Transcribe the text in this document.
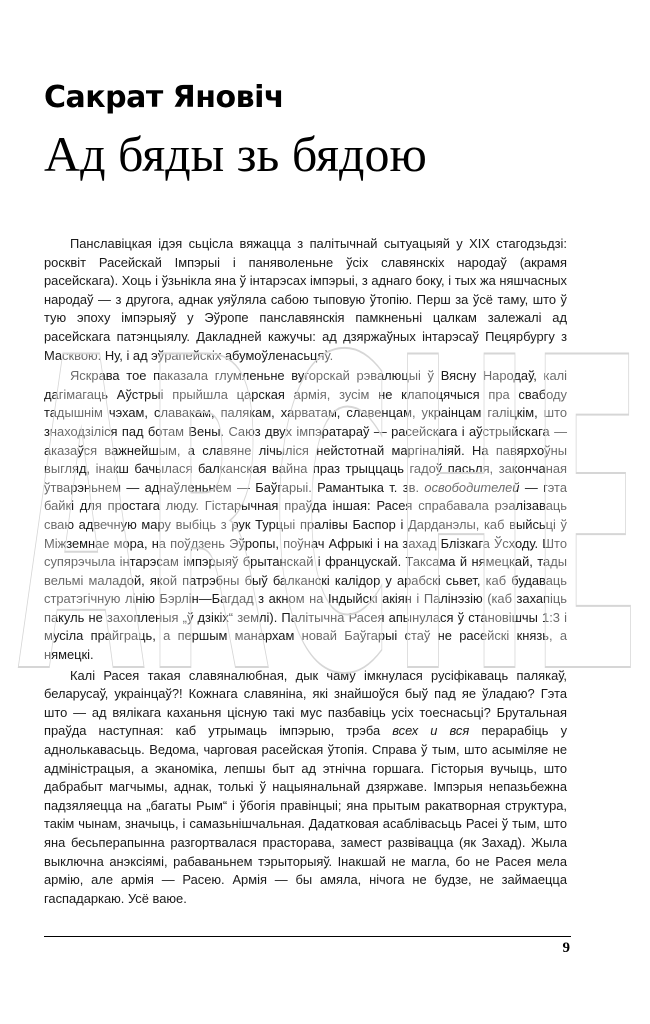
Сакрат Яновіч
Ад бяды зь бядою

Панславіцкая ідэя сьцісла вяжацца з палітычнай сытуацыяй у XIX стагодзьдзі: росквіт Расейскай Імпэрыі і паняволеньне ўсіх славянскіх народаў (акрамя расейскага). Хоць і ўзьнікла яна ў інтарэсах імпэрыі, з аднаго боку, і тых жа няшчасных народаў — з другога, аднак уяўляла сабою тыповую ўтопію. Перш за ўсё таму, што ў тую эпоху імпэрыяў у Эўропе панславянскія памкненьні цалкам залежалі ад расейскага патэнцыялу. Дакладней кажучы: ад дзяржаўных інтарэсаў Пецярбургу з Масквою. Ну, і ад эўрапейскіх абумоўленасьцяў.

Яскрава тое паказала глумленьне вугорскай рэвалюцыі ў Вясну Народаў, калі дагімагаць Аўстрыі прыйшла царская армія, зусім не клапоцячыся пра свабоду тадышнім чэхам, славакам, палякам, харватам, славенцам, украінцам галіцкім, што знаходзіліся пад ботам Вены. Саюз двух імпэратараў — расейскага і аўстрыйскага — аказаўся важнейшым, а славяне лічыліся нейстотнай маргіналіяй. На павярхоўны выгляд, інакш бачылася балканская вайна праз трыццаць гадоў пасьля, закончаная ўтварэньнем — аднаўленьнем — Баўгарыі. Рамантыка т. зв. освободителей — гэта байкі для простага люду. Гістарычная праўда іншая: Расея спрабавала рэалізаваць сваю адвечную мару выбіць з рук Турцыі пралівы Баспор і Дарданэлы, каб выйсьці ў Міжземнае мора, на поўдзень Эўропы, поўнач Афрыкі і на захад Блізкага Ўсходу. Што супярэчыла інтарэсам імпэрыяў брытанскай і францускай. Таксама й нямецкай, тады вельмі маладой, якой патрэбны быў балканскі калідор у арабскі сьвет, каб будаваць стратэгічную лінію Бэрлін—Багдад з акном на Індыйскі акіян і Палінэзію (каб захапіць пакуль не захопленыя „ў дзікіх“ землі). Палітычна Расея апынулася ў становішчы 1:3 і мусіла прайграць, а першым манархам новай Баўгарыі стаў не расейскі князь, а нямецкі.

Калі Расея такая славяналюбная, дык чаму імкнулася русіфікаваць палякаў, беларусаў, украінцаў?! Кожнага славяніна, які знайшоўся быў пад яе ўладаю? Гэта што — ад вялікага каханьня цісную такі мус пазбавіць усіх тоеснасьці? Брутальная праўда наступная: каб утрымаць імпэрыю, трэба всех и вся перарабіць у аднолькавасьць. Ведома, чарговая расейская ўтопія. Справа ў тым, што асыміляе не адміністрацыя, а эканоміка, лепшы быт ад этнічна горшага. Гісторыя вучыць, што дабрабыт магчымы, аднак, толькі ў нацыянальнай дзяржаве. Імпэрыя непазьбежна падзяляецца на „багаты Рым“ і ўбогія правінцыі; яна прытым ракатворная структура, такім чынам, значыць, і самазьнішчальная. Дадатковая асаблівасьць Расеі ў тым, што яна бесьперапынна разгортвалася прасторава, замест развівацца (як Захад). Жыла выключна анэксіямі, рабаваньнем тэрыторыяў. Інакшай не магла, бо не Расея мела армію, але армія — Расею. Армія — бы амяла, нічога не будзе, не займаецца гаспадаркаю. Усё ваюе.

ARCHE
9
